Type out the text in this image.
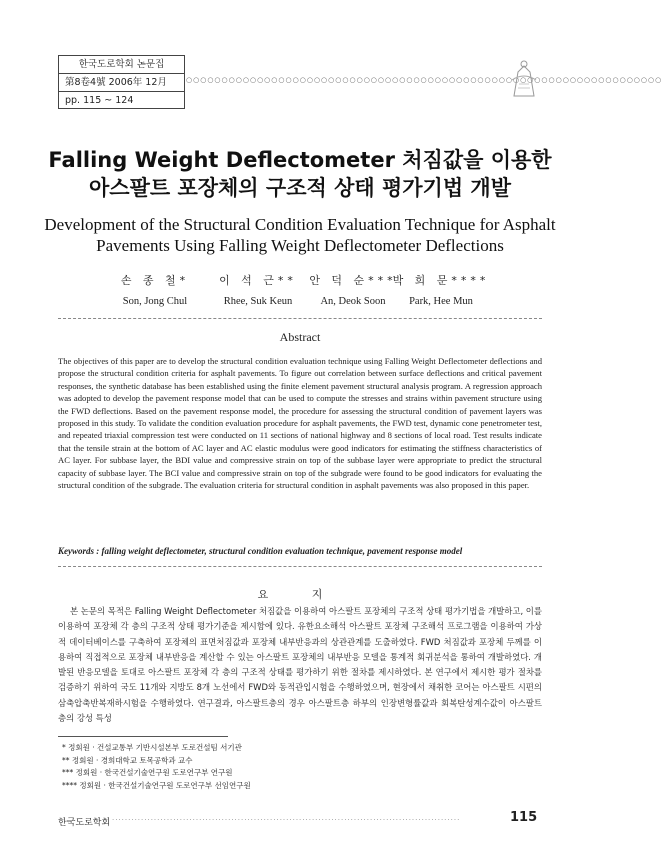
한국도로학회 논문집
第8卷4號 2006年 12月
pp. 115 ~ 124
○○○○○○○○○○○○○○○○○○○○○○○○○○○○○○○○○○○○○○○○○○○○○○○○○○○○○○○○○○○○○○○○○○○
Falling Weight Deflectometer 처짐값을 이용한
아스팔트 포장체의 구조적 상태 평가기법 개발
Development of the Structural Condition Evaluation Technique for Asphalt
Pavements Using Falling Weight Deflectometer Deflections
손 종 철*
Son, Jong Chul
이 석 근**
Rhee, Suk Keun
안 덕 순***
An, Deok Soon
박 희 문****
Park, Hee Mun
Abstract
The objectives of this paper are to develop the structural condition evaluation technique using Falling Weight Deflectometer deflections and propose the structural condition criteria for asphalt pavements. To figure out correlation between surface deflections and critical pavement responses, the synthetic database has been established using the finite element pavement structural analysis program. A regression approach was adopted to develop the pavement response model that can be used to compute the stresses and strains within pavement structure using the FWD deflections. Based on the pavement response model, the procedure for assessing the structural condition of pavement layers was proposed in this study. To validate the condition evaluation procedure for asphalt pavements, the FWD test, dynamic cone penetrometer test, and repeated triaxial compression test were conducted on 11 sections of national highway and 8 sections of local road. Test results indicate that the tensile strain at the bottom of AC layer and AC elastic modulus were good indicators for estimating the stiffness characteristics of AC layer. For subbase layer, the BDI value and compressive strain on top of the subbase layer were appropriate to predict the structural capacity of subbase layer. The BCI value and compressive strain on top of the subgrade were found to be good indicators for evaluating the structural condition of the subgrade. The evaluation criteria for structural condition in asphalt pavements was also proposed in this paper.
Keywords : falling weight deflectometer, structural condition evaluation technique, pavement response model
요 지
본 논문의 목적은 Falling Weight Deflectometer 처짐값을 이용하여 아스팔트 포장체의 구조적 상태 평가기법을 개발하고, 이를 이용하여 포장체 각 층의 구조적 상태 평가기준을 제시함에 있다. 유한요소해석 아스팔트 포장체 구조해석 프로그램을 이용하여 가상적 데이터베이스를 구축하여 포장체의 표면처짐값과 포장체 내부반응과의 상관관계를 도출하였다. FWD 처짐값과 포장체 두께를 이용하여 직접적으로 포장체 내부반응을 계산할 수 있는 아스팔트 포장체의 내부반응 모델을 통계적 회귀분석을 통하여 개발하였다. 개발된 반응모델을 토대로 아스팔트 포장체 각 층의 구조적 상태를 평가하기 위한 절차를 제시하였다. 본 연구에서 제시한 평가 절차를 검증하기 위하여 국도 11개와 지방도 8개 노선에서 FWD와 동적관입시험을 수행하였으며, 현장에서 채취한 코어는 아스팔트 시편의 삼축압축반복재하시험을 수행하였다. 연구결과, 아스팔트층의 경우 아스팔트층 하부의 인장변형률값과 회복탄성계수값이 아스팔트 층의 강성 특성
* 정회원 · 건설교통부 기반시설본부 도로건설팀 서기관
** 정회원 · 경희대학교 토목공학과 교수
*** 정회원 · 한국건설기술연구원 도로연구부 연구원
**** 정회원 · 한국건설기술연구원 도로연구부 선임연구원
한국도로학회 ············································································································	115
